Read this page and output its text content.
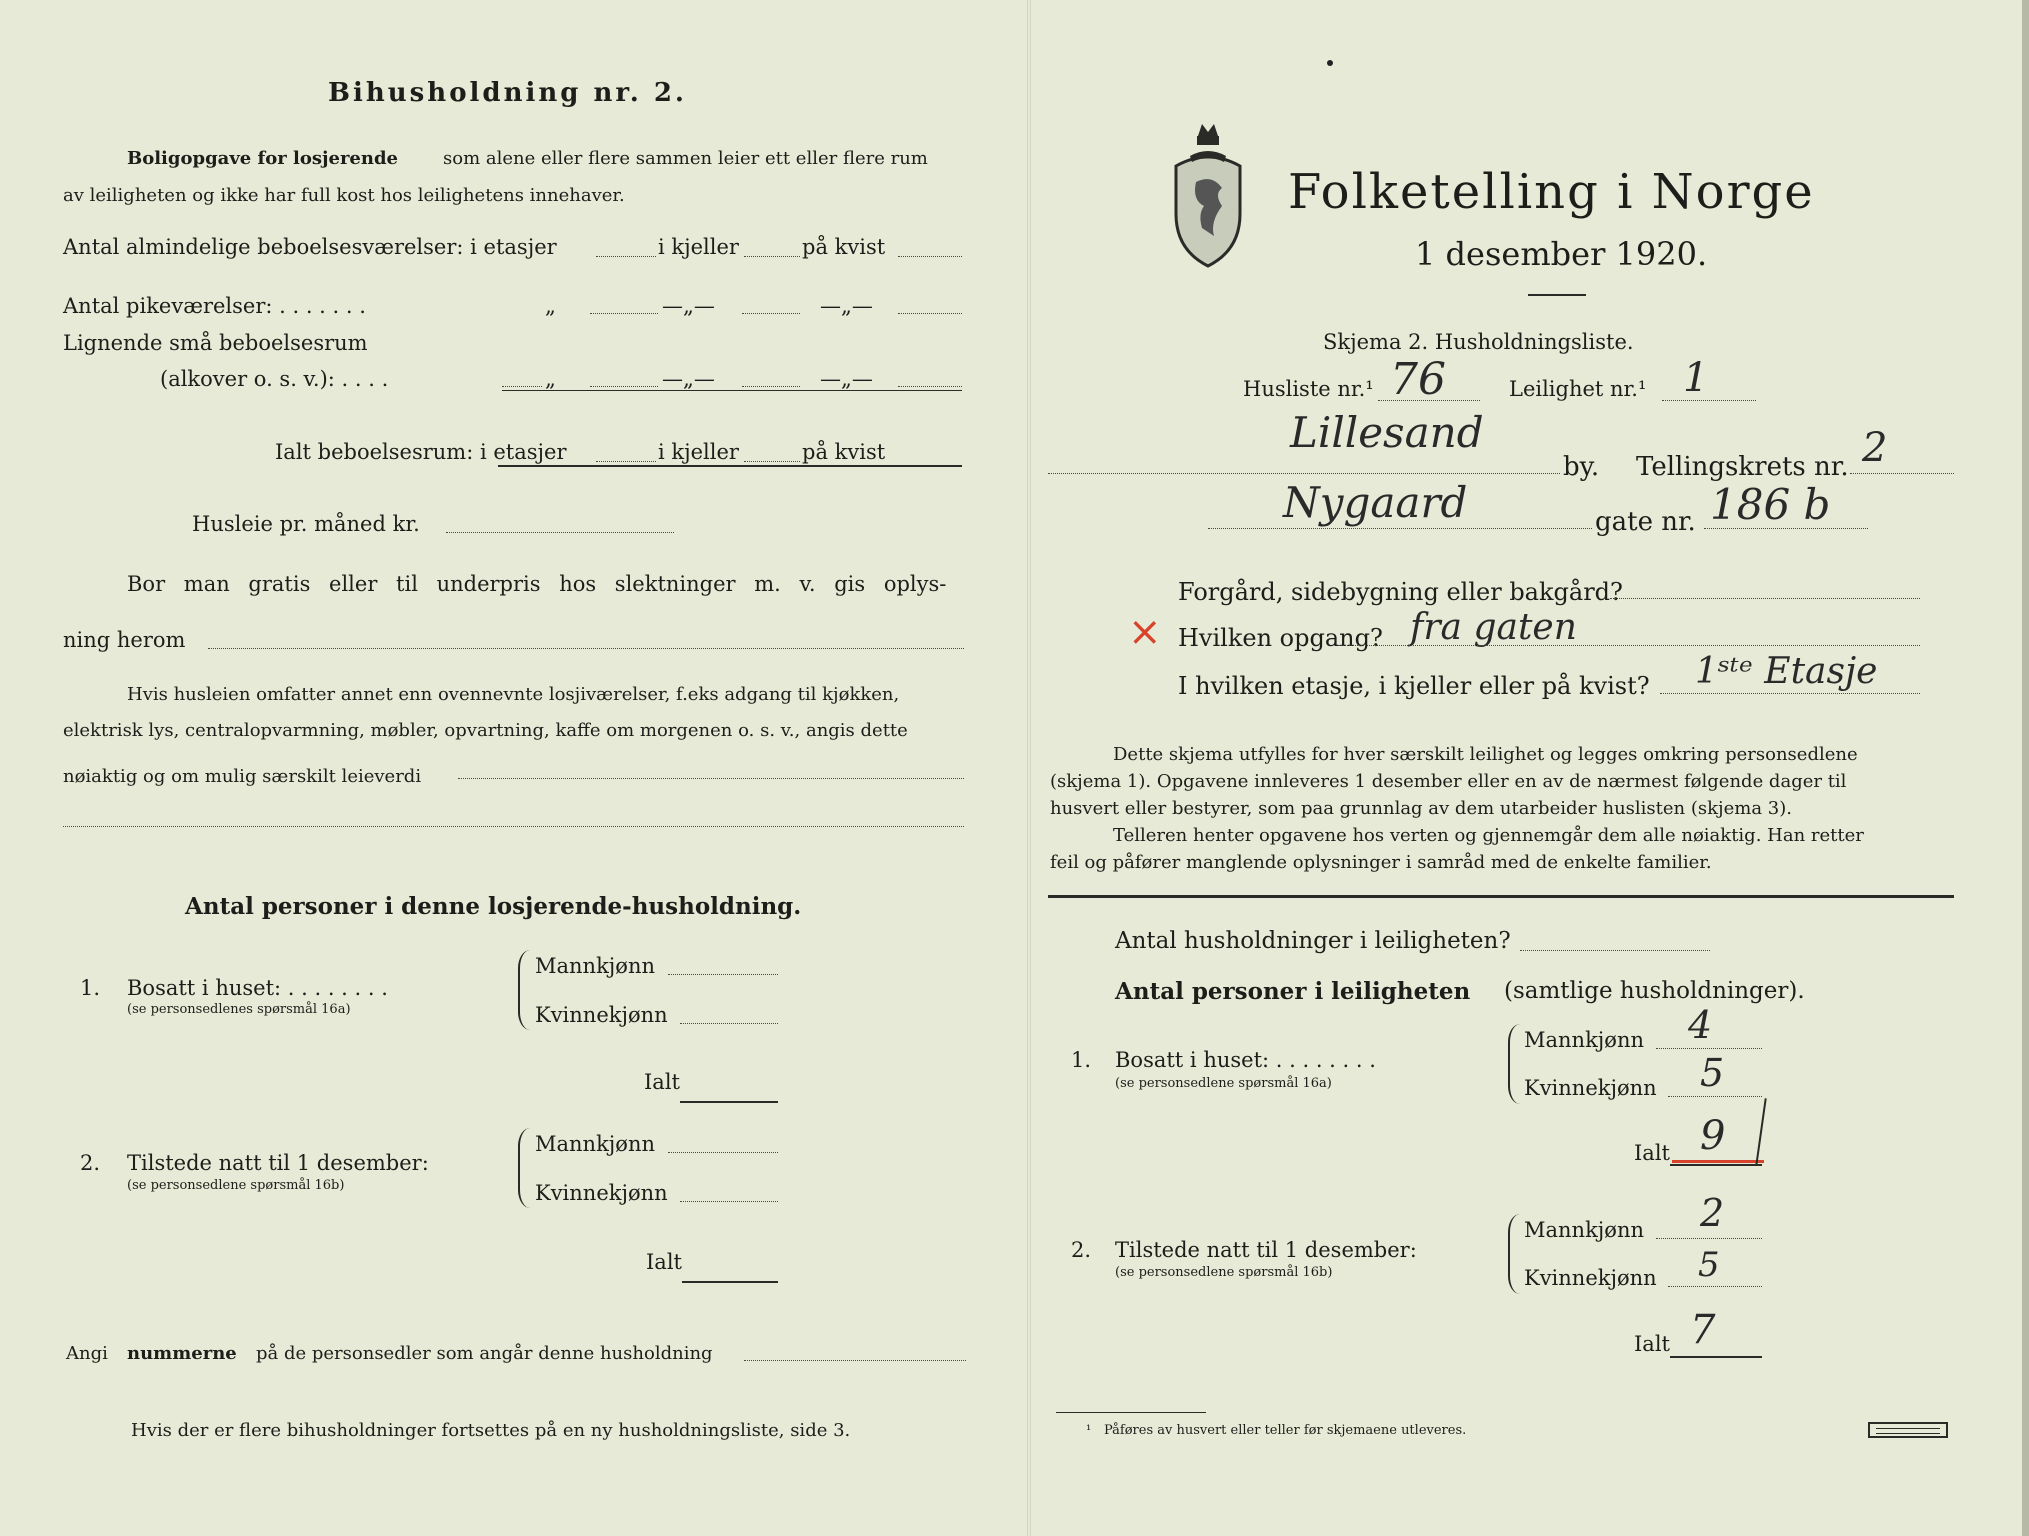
Bihusholdning nr. 2.
Boligopgave for losjerende som alene eller flere sammen leier ett eller flere rum
av leiligheten og ikke har full kost hos leilighetens innehaver.
Antal almindelige beboelsesværelser: i etasjer	i kjeller	på kvist
Antal pikeværelser: . . . . . . .	„	—„—	—„—
Lignende små beboelsesrum
(alkover o. s. v.): . . . .	„	—„—	—„—
Ialt beboelsesrum: i etasjer	i kjeller	på kvist
Husleie pr. måned kr.
Bor man gratis eller til underpris hos slektninger m. v. gis oplys-
ning herom
Hvis husleien omfatter annet enn ovennevnte losjiværelser, f.eks adgang til kjøkken,
elektrisk lys, centralopvarmning, møbler, opvartning, kaffe om morgenen o. s. v., angis dette
nøiaktig og om mulig særskilt leieverdi
Antal personer i denne losjerende-husholdning.
1. Bosatt i huset: . . . . . . . .
(se personsedlenes spørsmål 16a)
Mannkjønn
Kvinnekjønn
Ialt
2. Tilstede natt til 1 desember:
(se personsedlene spørsmål 16b)
Mannkjønn
Kvinnekjønn
Ialt
Angi nummerne på de personsedler som angår denne husholdning
Hvis der er flere bihusholdninger fortsettes på en ny husholdningsliste, side 3.
Folketelling i Norge
1 desember 1920.
Skjema 2. Husholdningsliste.
Husliste nr.¹ 76	Leilighet nr.¹ 1
Lillesand
by. Tellingskrets nr. 2
Nygaard	gate nr. 186 b
Forgård, sidebygning eller bakgård?
× Hvilken opgang? fra gaten
I hvilken etasje, i kjeller eller på kvist? 1ˢᵗᵉ Etasje
Dette skjema utfylles for hver særskilt leilighet og legges omkring personsedlene
(skjema 1). Opgavene innleveres 1 desember eller en av de nærmest følgende dager til
husvert eller bestyrer, som paa grunnlag av dem utarbeider huslisten (skjema 3).
Telleren henter opgavene hos verten og gjennemgår dem alle nøiaktig. Han retter
feil og påfører manglende oplysninger i samråd med de enkelte familier.
Antal husholdninger i leiligheten?
Antal personer i leiligheten (samtlige husholdninger).
1. Bosatt i huset: . . . . . . . .
(se personsedlene spørsmål 16a)
Mannkjønn 4
Kvinnekjønn 5
Ialt 9
2. Tilstede natt til 1 desember:
(se personsedlene spørsmål 16b)
Mannkjønn 2
Kvinnekjønn 5
Ialt 7
¹ Påføres av husvert eller teller før skjemaene utleveres.
